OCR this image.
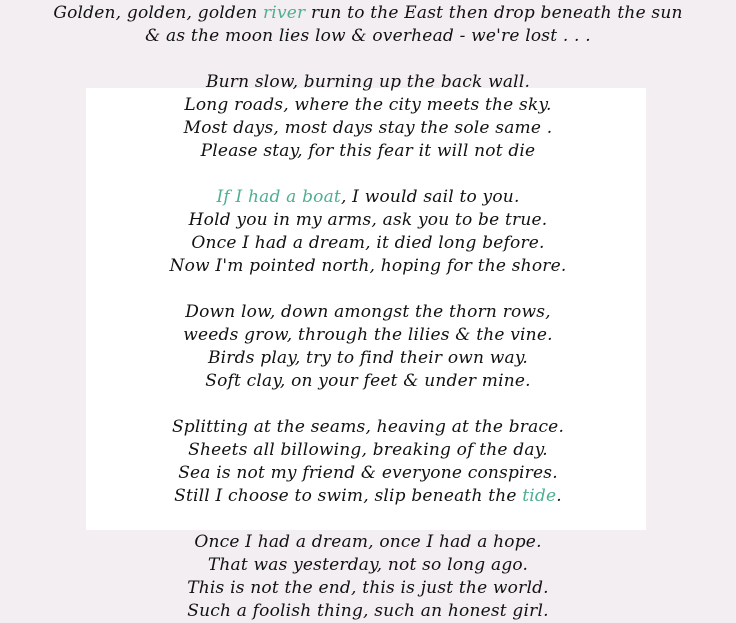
Golden, golden, golden river run to the East then drop beneath the sun
& as the moon lies low & overhead - we're lost . . .
Burn slow, burning up the back wall.
Long roads, where the city meets the sky.
Most days, most days stay the sole same .
Please stay, for this fear it will not die
If I had a boat, I would sail to you.
Hold you in my arms, ask you to be true.
Once I had a dream, it died long before.
Now I'm pointed north, hoping for the shore.
Down low, down amongst the thorn rows,
weeds grow, through the lilies & the vine.
Birds play, try to find their own way.
Soft clay, on your feet & under mine.
Splitting at the seams, heaving at the brace.
Sheets all billowing, breaking of the day.
Sea is not my friend & everyone conspires.
Still I choose to swim, slip beneath the tide.
Once I had a dream, once I had a hope.
That was yesterday, not so long ago.
This is not the end, this is just the world.
Such a foolish thing, such an honest girl.
